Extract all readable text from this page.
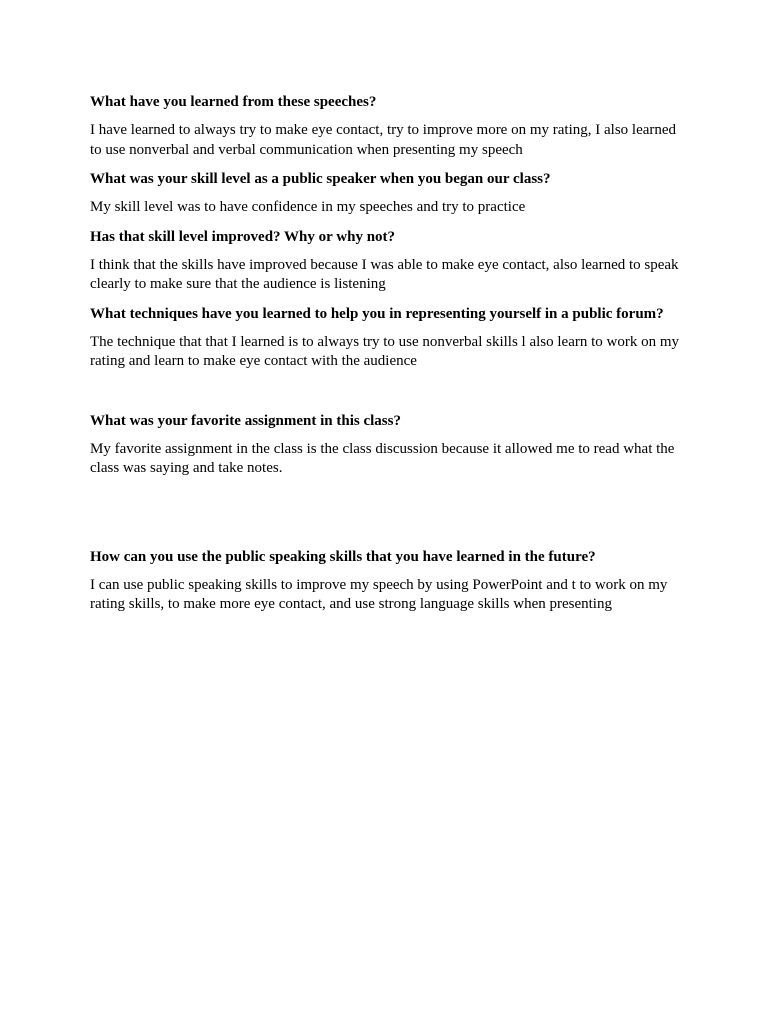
What have you learned from these speeches?

I have learned to always try to make eye contact, try to improve more on my rating, I also learned to use nonverbal and verbal communication when presenting my speech

What was your skill level as a public speaker when you began our class?

My skill level was to have confidence in my speeches and try to practice

Has that skill level improved? Why or why not?

I think that the skills have improved because I was able to make eye contact, also learned to speak clearly to make sure that the audience is listening

What techniques have you learned to help you in representing yourself in a public forum?

The technique that that I learned is to always try to use nonverbal skills l also learn to work on my rating and learn to make eye contact with the audience

What was your favorite assignment in this class?

My favorite assignment in the class is the class discussion because it allowed me to read what the class was saying and take notes.

How can you use the public speaking skills that you have learned in the future?

I can use public speaking skills to improve my speech by using PowerPoint and t to work on my rating skills, to make more eye contact, and use strong language skills when presenting
